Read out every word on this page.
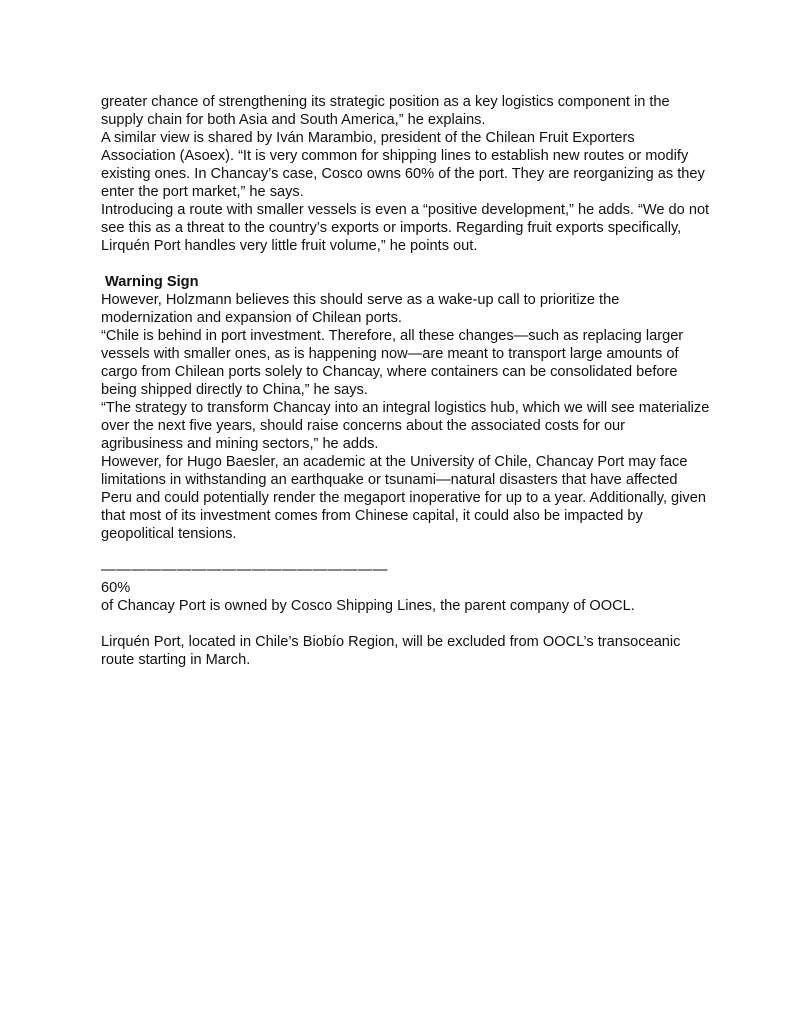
greater chance of strengthening its strategic position as a key logistics component in the supply chain for both Asia and South America,” he explains.

A similar view is shared by Iván Marambio, president of the Chilean Fruit Exporters Association (Asoex). “It is very common for shipping lines to establish new routes or modify existing ones. In Chancay’s case, Cosco owns 60% of the port. They are reorganizing as they enter the port market,” he says.

Introducing a route with smaller vessels is even a “positive development,” he adds. “We do not see this as a threat to the country’s exports or imports. Regarding fruit exports specifically, Lirquén Port handles very little fruit volume,” he points out.

Warning Sign

However, Holzmann believes this should serve as a wake-up call to prioritize the modernization and expansion of Chilean ports.

“Chile is behind in port investment. Therefore, all these changes—such as replacing larger vessels with smaller ones, as is happening now—are meant to transport large amounts of cargo from Chilean ports solely to Chancay, where containers can be consolidated before being shipped directly to China,” he says.

“The strategy to transform Chancay into an integral logistics hub, which we will see materialize over the next five years, should raise concerns about the associated costs for our agribusiness and mining sectors,” he adds.

However, for Hugo Baesler, an academic at the University of Chile, Chancay Port may face limitations in withstanding an earthquake or tsunami—natural disasters that have affected Peru and could potentially render the megaport inoperative for up to a year. Additionally, given that most of its investment comes from Chinese capital, it could also be impacted by geopolitical tensions.

———————————————————

60%

of Chancay Port is owned by Cosco Shipping Lines, the parent company of OOCL.

Lirquén Port, located in Chile’s Biobío Region, will be excluded from OOCL’s transoceanic route starting in March.
